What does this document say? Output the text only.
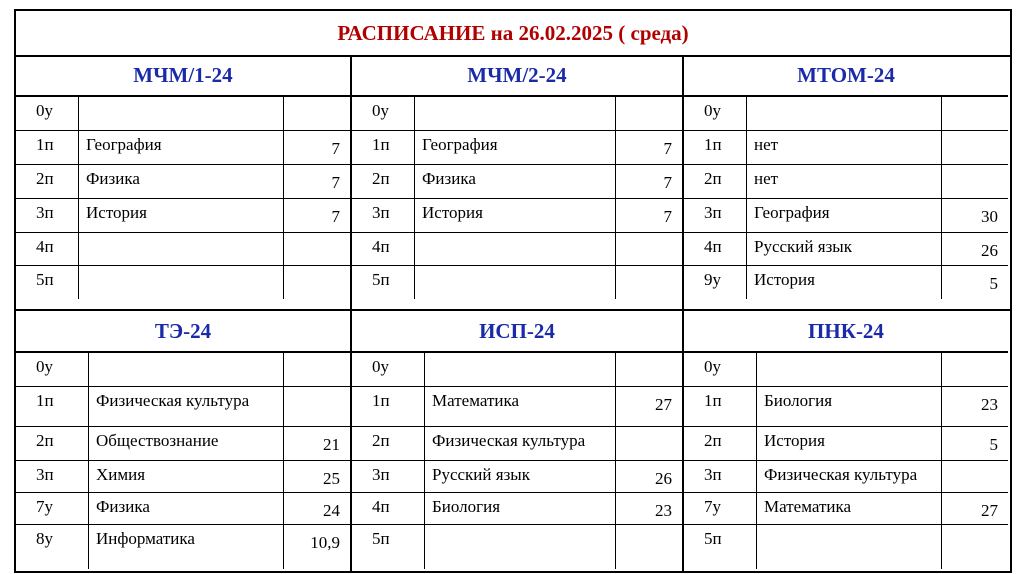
РАСПИСАНИЕ на 26.02.2025 ( среда)
МЧМ/1-24
0у
1п	География	7
2п	Физика	7
3п	История	7
4п
5п
МЧМ/2-24
0у
1п	География	7
2п	Физика	7
3п	История	7
4п
5п
МТОМ-24
0у
1п	нет
2п	нет
3п	География	30
4п	Русский язык	26
9у	История	5
ТЭ-24
0у
1п	Физическая культура
2п	Обществознание	21
3п	Химия	25
7у	Физика	24
8у	Информатика	10,9
ИСП-24
0у
1п	Математика	27
2п	Физическая культура
3п	Русский язык	26
4п	Биология	23
5п
ПНК-24
0у
1п	Биология	23
2п	История	5
3п	Физическая культура
7у	Математика	27
5п
